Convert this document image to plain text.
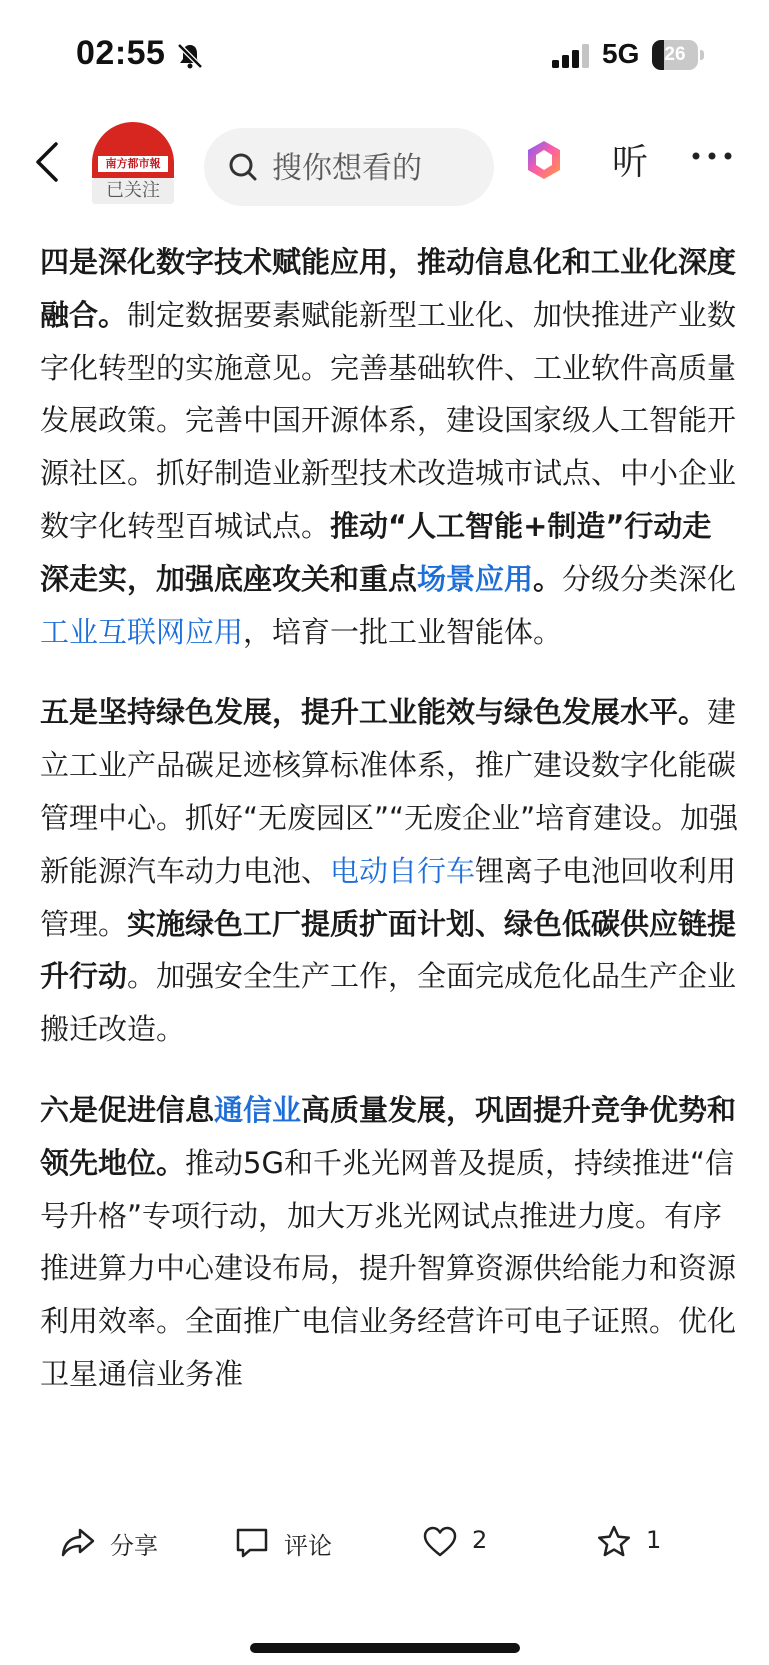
02:55	5G	26
南方都市報
已关注
搜你想看的
听

四是深化数字技术赋能应用，推动信息化和工业化深度融合。制定数据要素赋能新型工业化、加快推进产业数字化转型的实施意见。完善基础软件、工业软件高质量发展政策。完善中国开源体系，建设国家级人工智能开源社区。抓好制造业新型技术改造城市试点、中小企业数字化转型百城试点。推动“人工智能+制造”行动走深走实，加强底座攻关和重点场景应用。分级分类深化工业互联网应用，培育一批工业智能体。

五是坚持绿色发展，提升工业能效与绿色发展水平。建立工业产品碳足迹核算标准体系，推广建设数字化能碳管理中心。抓好“无废园区”“无废企业”培育建设。加强新能源汽车动力电池、电动自行车锂离子电池回收利用管理。实施绿色工厂提质扩面计划、绿色低碳供应链提升行动。加强安全生产工作，全面完成危化品生产企业搬迁改造。

六是促进信息通信业高质量发展，巩固提升竞争优势和领先地位。推动5G和千兆光网普及提质，持续推进“信号升格”专项行动，加大万兆光网试点推进力度。有序推进算力中心建设布局，提升智算资源供给能力和资源利用效率。全面推广电信业务经营许可电子证照。优化卫星通信业务准

分享	评论	2	1
